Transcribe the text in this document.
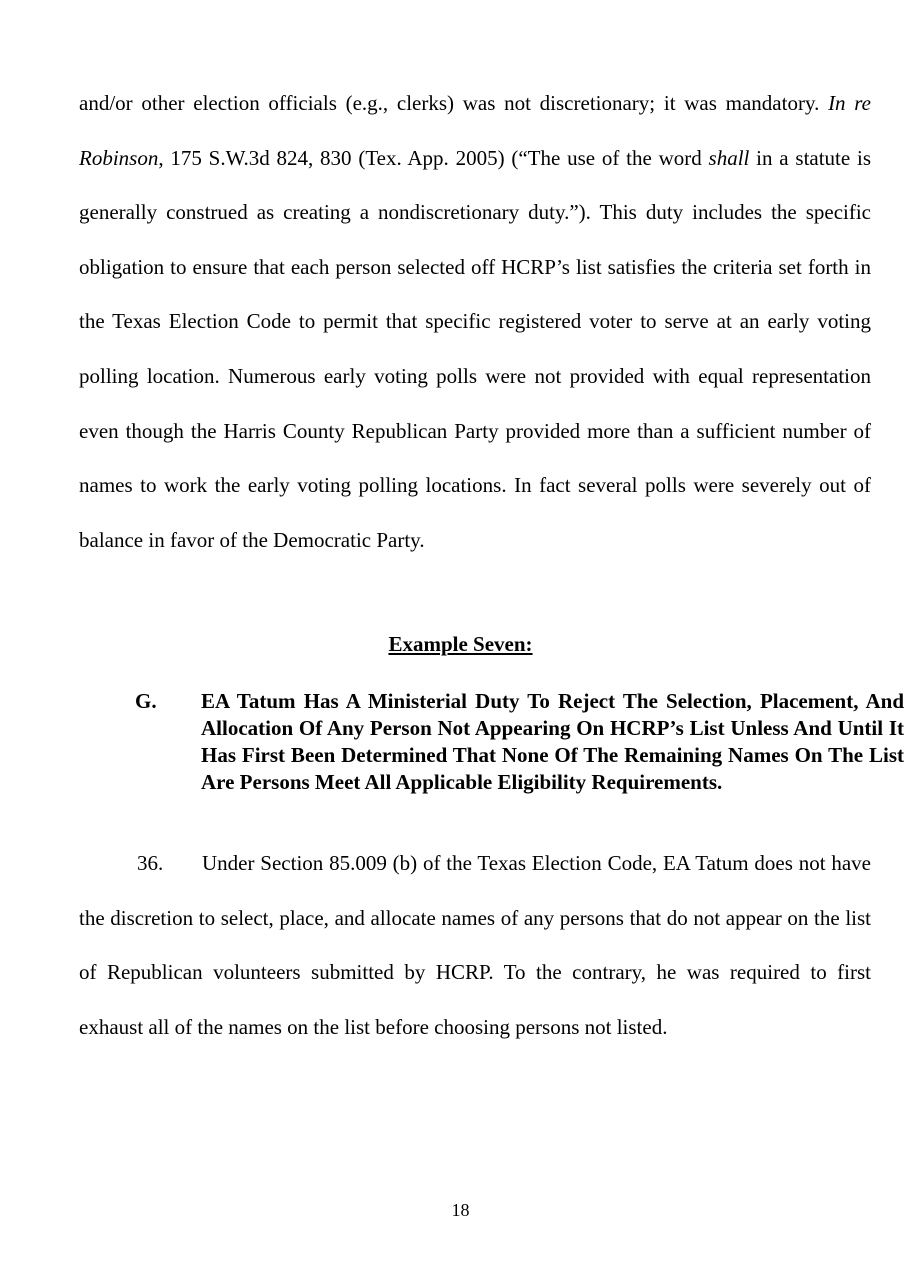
and/or other election officials (e.g., clerks) was not discretionary; it was mandatory. In re Robinson, 175 S.W.3d 824, 830 (Tex. App. 2005) (“The use of the word shall in a statute is generally construed as creating a nondiscretionary duty.”). This duty includes the specific obligation to ensure that each person selected off HCRP’s list satisfies the criteria set forth in the Texas Election Code to permit that specific registered voter to serve at an early voting polling location. Numerous early voting polls were not provided with equal representation even though the Harris County Republican Party provided more than a sufficient number of names to work the early voting polling locations. In fact several polls were severely out of balance in favor of the Democratic Party.

Example Seven:

G. EA Tatum Has A Ministerial Duty To Reject The Selection, Placement, And Allocation Of Any Person Not Appearing On HCRP’s List Unless And Until It Has First Been Determined That None Of The Remaining Names On The List Are Persons Meet All Applicable Eligibility Requirements.

36. Under Section 85.009 (b) of the Texas Election Code, EA Tatum does not have the discretion to select, place, and allocate names of any persons that do not appear on the list of Republican volunteers submitted by HCRP. To the contrary, he was required to first exhaust all of the names on the list before choosing persons not listed.

18
